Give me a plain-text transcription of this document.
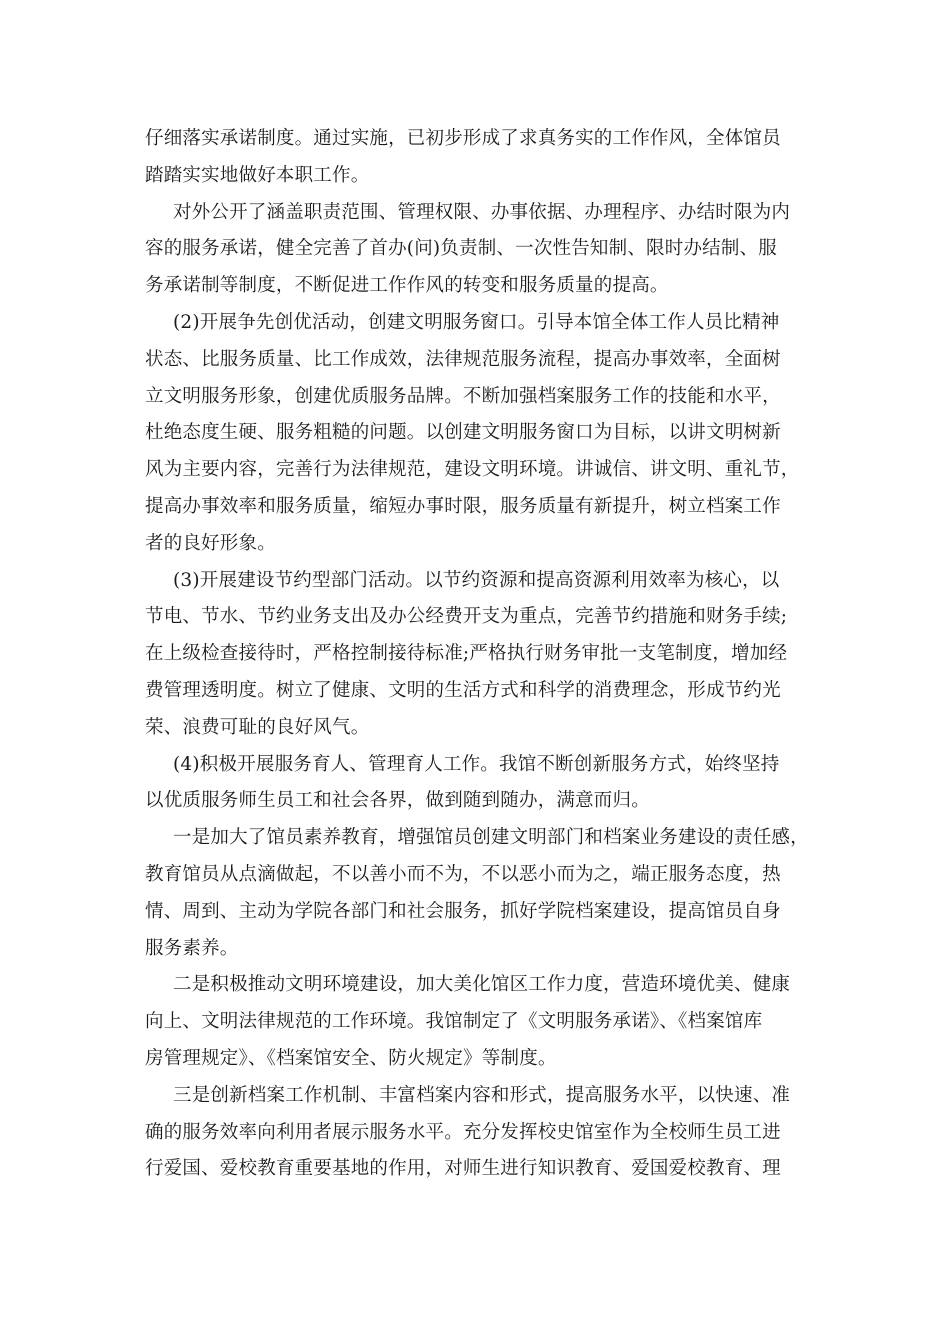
仔细落实承诺制度。通过实施，已初步形成了求真务实的工作作风，全体馆员
踏踏实实地做好本职工作。
对外公开了涵盖职责范围、管理权限、办事依据、办理程序、办结时限为内
容的服务承诺，健全完善了首办(问)负责制、一次性告知制、限时办结制、服
务承诺制等制度，不断促进工作作风的转变和服务质量的提高。
(2)开展争先创优活动，创建文明服务窗口。引导本馆全体工作人员比精神
状态、比服务质量、比工作成效，法律规范服务流程，提高办事效率，全面树
立文明服务形象，创建优质服务品牌。不断加强档案服务工作的技能和水平，
杜绝态度生硬、服务粗糙的问题。以创建文明服务窗口为目标，以讲文明树新
风为主要内容，完善行为法律规范，建设文明环境。讲诚信、讲文明、重礼节，
提高办事效率和服务质量，缩短办事时限，服务质量有新提升，树立档案工作
者的良好形象。
(3)开展建设节约型部门活动。以节约资源和提高资源利用效率为核心，以
节电、节水、节约业务支出及办公经费开支为重点，完善节约措施和财务手续;
在上级检查接待时，严格控制接待标准;严格执行财务审批一支笔制度，增加经
费管理透明度。树立了健康、文明的生活方式和科学的消费理念，形成节约光
荣、浪费可耻的良好风气。
(4)积极开展服务育人、管理育人工作。我馆不断创新服务方式，始终坚持
以优质服务师生员工和社会各界，做到随到随办，满意而归。
一是加大了馆员素养教育，增强馆员创建文明部门和档案业务建设的责任感，
教育馆员从点滴做起，不以善小而不为，不以恶小而为之，端正服务态度，热
情、周到、主动为学院各部门和社会服务，抓好学院档案建设，提高馆员自身
服务素养。
二是积极推动文明环境建设，加大美化馆区工作力度，营造环境优美、健康
向上、文明法律规范的工作环境。我馆制定了《文明服务承诺》、《档案馆库
房管理规定》、《档案馆安全、防火规定》等制度。
三是创新档案工作机制、丰富档案内容和形式，提高服务水平，以快速、准
确的服务效率向利用者展示服务水平。充分发挥校史馆室作为全校师生员工进
行爱国、爱校教育重要基地的作用，对师生进行知识教育、爱国爱校教育、理
